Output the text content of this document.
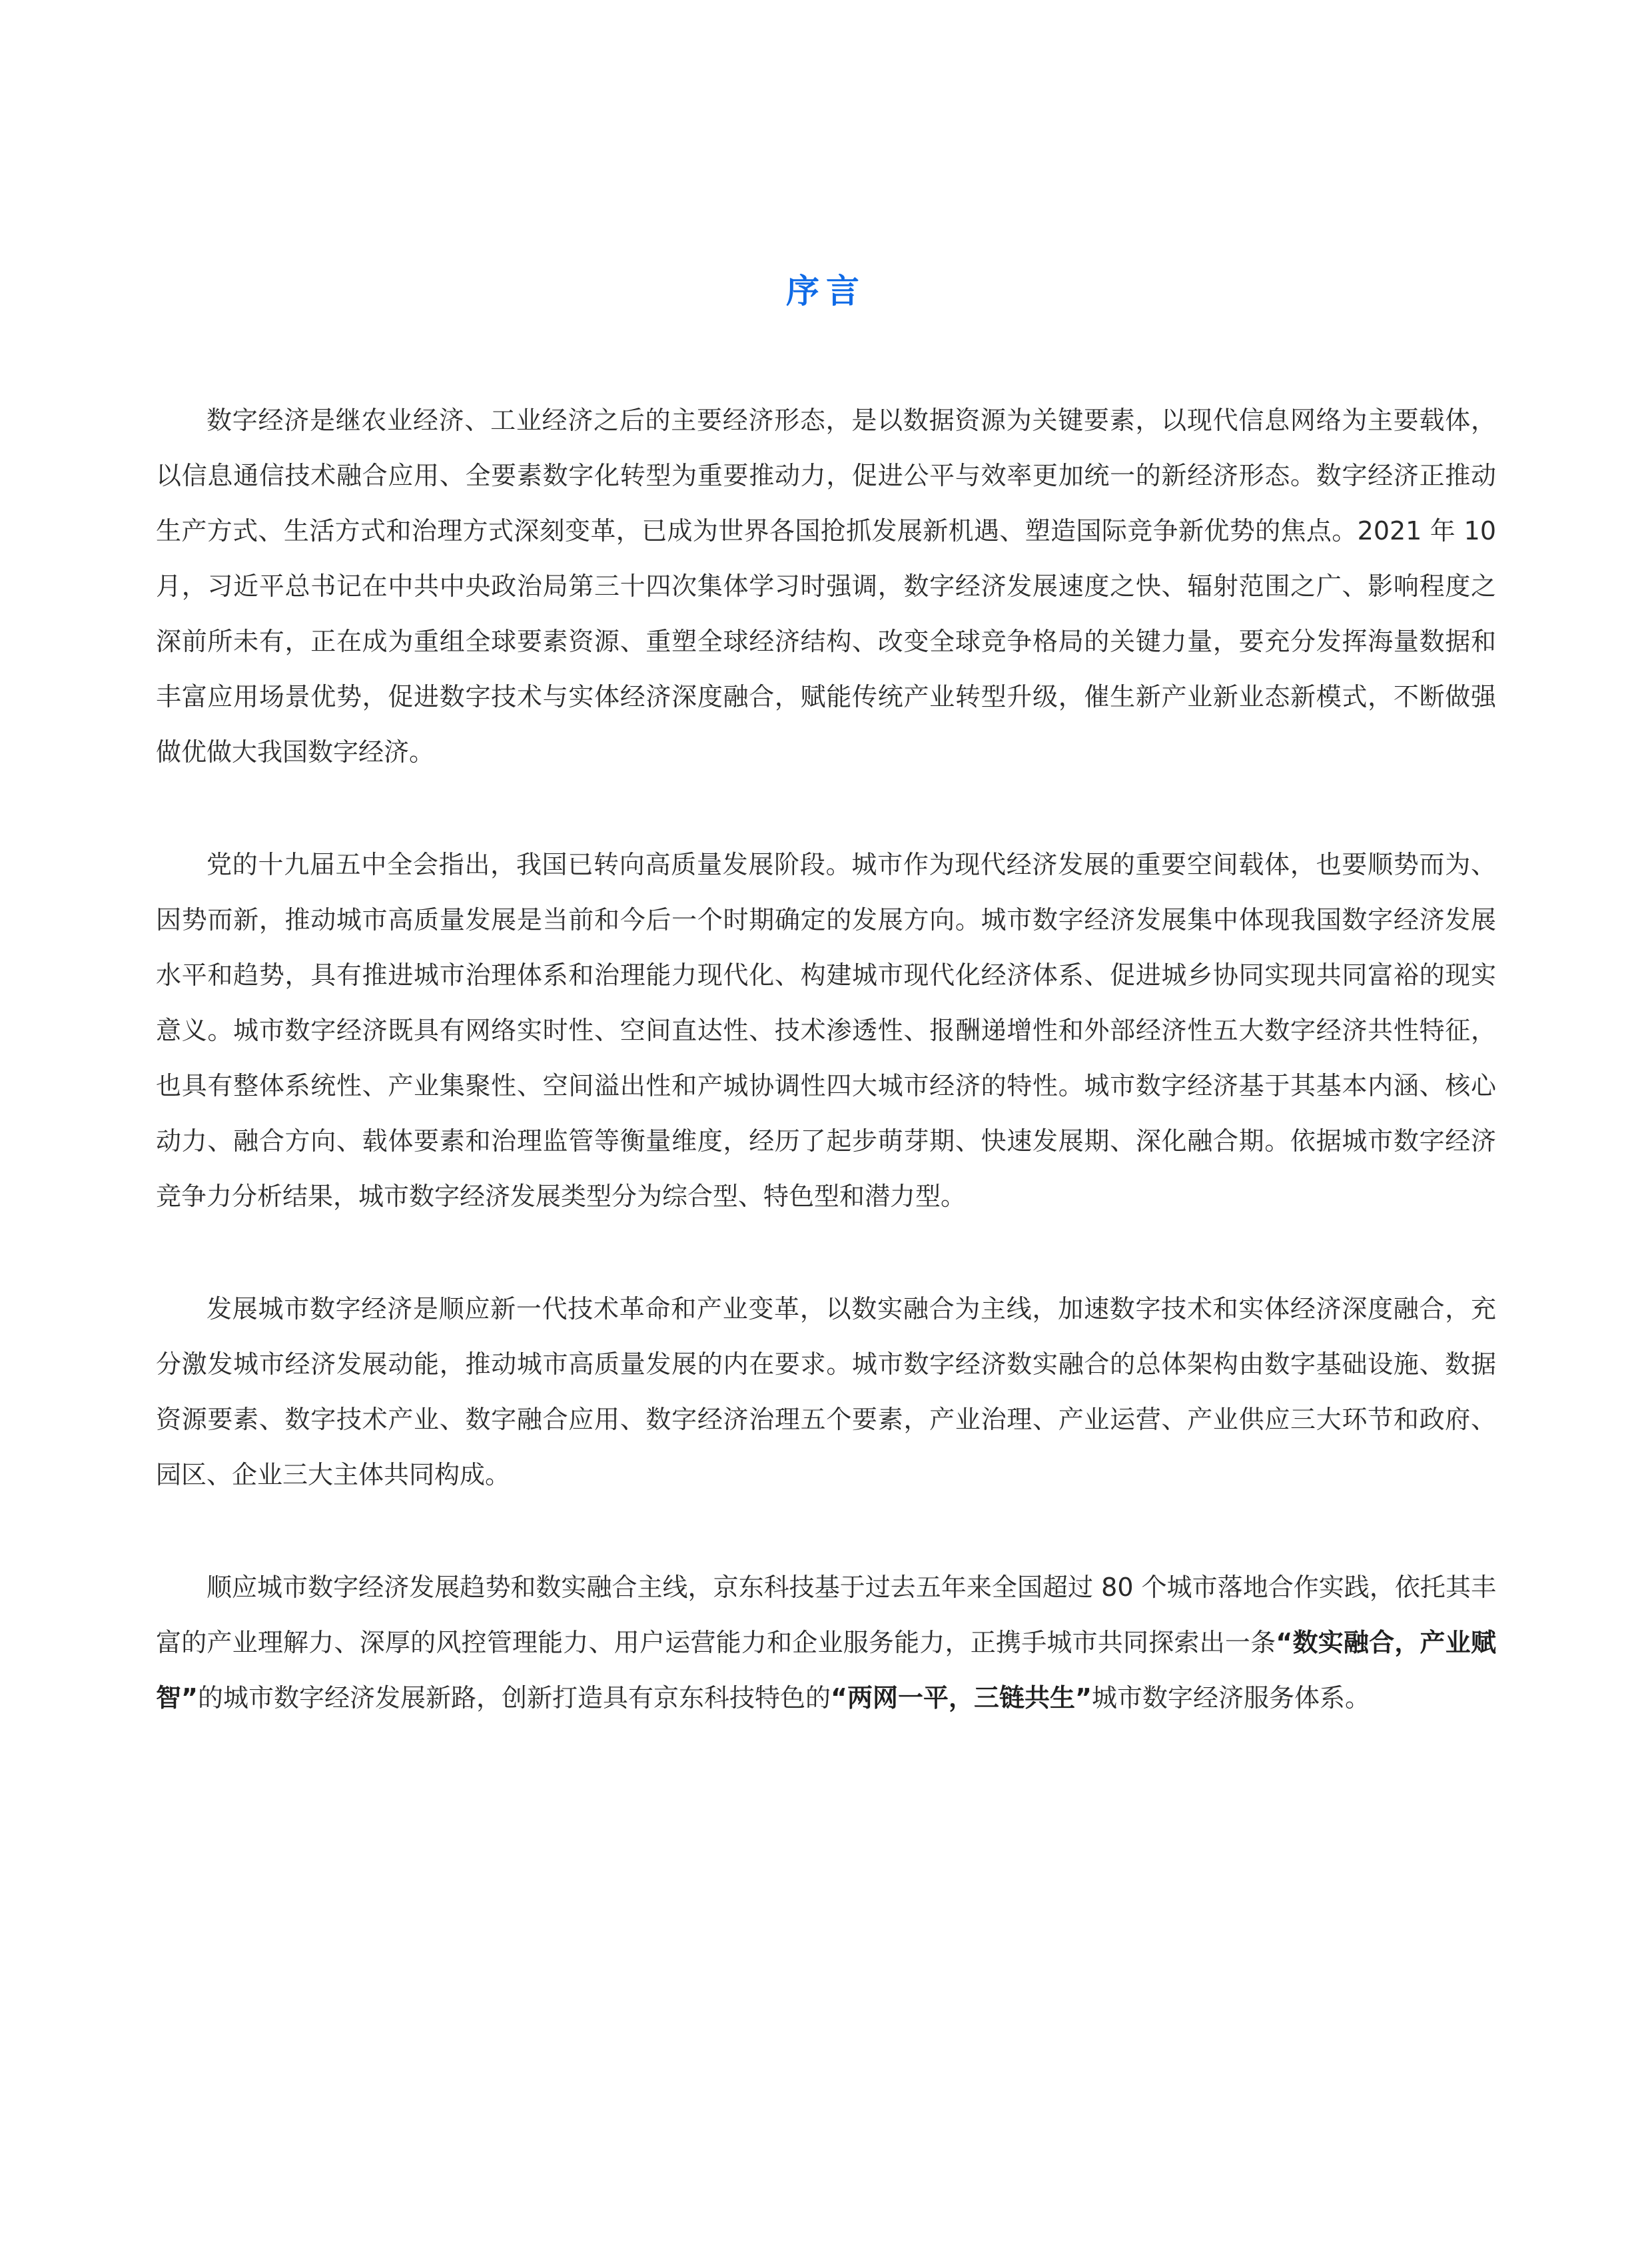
序言

数字经济是继农业经济、工业经济之后的主要经济形态，是以数据资源为关键要素，以现代信息网络为主要载体，以信息通信技术融合应用、全要素数字化转型为重要推动力，促进公平与效率更加统一的新经济形态。数字经济正推动生产方式、生活方式和治理方式深刻变革，已成为世界各国抢抓发展新机遇、塑造国际竞争新优势的焦点。2021 年 10 月，习近平总书记在中共中央政治局第三十四次集体学习时强调，数字经济发展速度之快、辐射范围之广、影响程度之深前所未有，正在成为重组全球要素资源、重塑全球经济结构、改变全球竞争格局的关键力量，要充分发挥海量数据和丰富应用场景优势，促进数字技术与实体经济深度融合，赋能传统产业转型升级，催生新产业新业态新模式，不断做强做优做大我国数字经济。

党的十九届五中全会指出，我国已转向高质量发展阶段。城市作为现代经济发展的重要空间载体，也要顺势而为、因势而新，推动城市高质量发展是当前和今后一个时期确定的发展方向。城市数字经济发展集中体现我国数字经济发展水平和趋势，具有推进城市治理体系和治理能力现代化、构建城市现代化经济体系、促进城乡协同实现共同富裕的现实意义。城市数字经济既具有网络实时性、空间直达性、技术渗透性、报酬递增性和外部经济性五大数字经济共性特征，也具有整体系统性、产业集聚性、空间溢出性和产城协调性四大城市经济的特性。城市数字经济基于其基本内涵、核心动力、融合方向、载体要素和治理监管等衡量维度，经历了起步萌芽期、快速发展期、深化融合期。依据城市数字经济竞争力分析结果，城市数字经济发展类型分为综合型、特色型和潜力型。

发展城市数字经济是顺应新一代技术革命和产业变革，以数实融合为主线，加速数字技术和实体经济深度融合，充分激发城市经济发展动能，推动城市高质量发展的内在要求。城市数字经济数实融合的总体架构由数字基础设施、数据资源要素、数字技术产业、数字融合应用、数字经济治理五个要素，产业治理、产业运营、产业供应三大环节和政府、园区、企业三大主体共同构成。

顺应城市数字经济发展趋势和数实融合主线，京东科技基于过去五年来全国超过 80 个城市落地合作实践，依托其丰富的产业理解力、深厚的风控管理能力、用户运营能力和企业服务能力，正携手城市共同探索出一条“数实融合，产业赋智”的城市数字经济发展新路，创新打造具有京东科技特色的“两网一平，三链共生”城市数字经济服务体系。
